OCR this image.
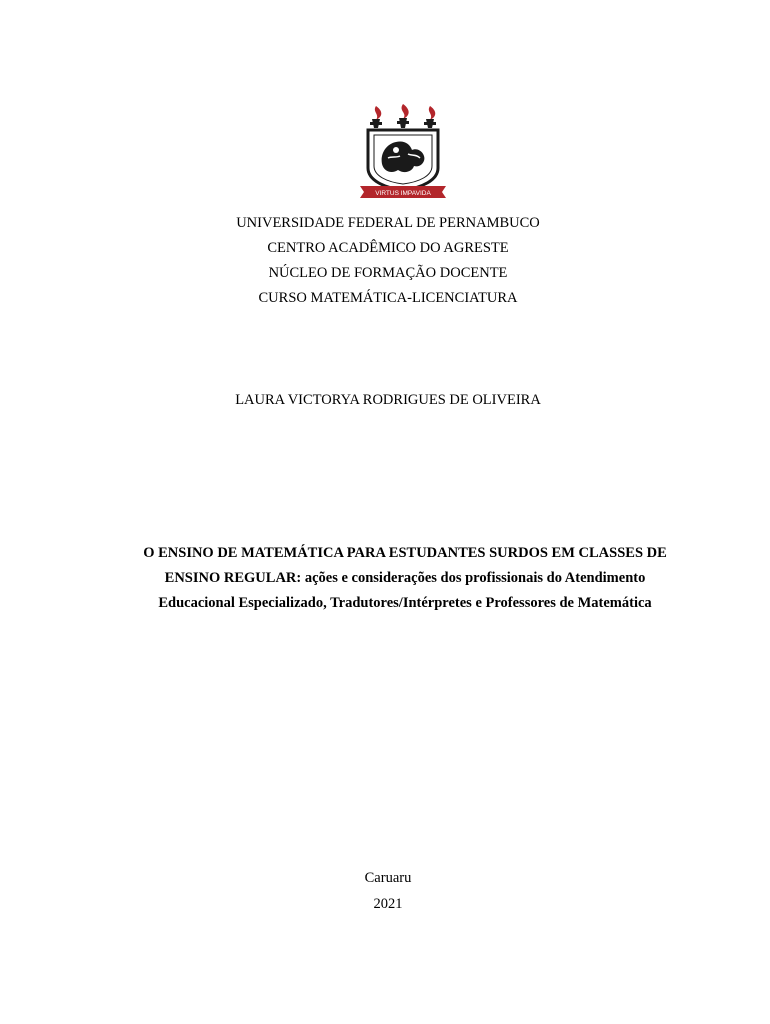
VIRTUS IMPAVIDA
UNIVERSIDADE FEDERAL DE PERNAMBUCO
CENTRO ACADÊMICO DO AGRESTE
NÚCLEO DE FORMAÇÃO DOCENTE
CURSO MATEMÁTICA-LICENCIATURA
LAURA VICTORYA RODRIGUES DE OLIVEIRA
O ENSINO DE MATEMÁTICA PARA ESTUDANTES SURDOS EM CLASSES DE
ENSINO REGULAR: ações e considerações dos profissionais do Atendimento
Educacional Especializado, Tradutores/Intérpretes e Professores de Matemática
Caruaru
2021
